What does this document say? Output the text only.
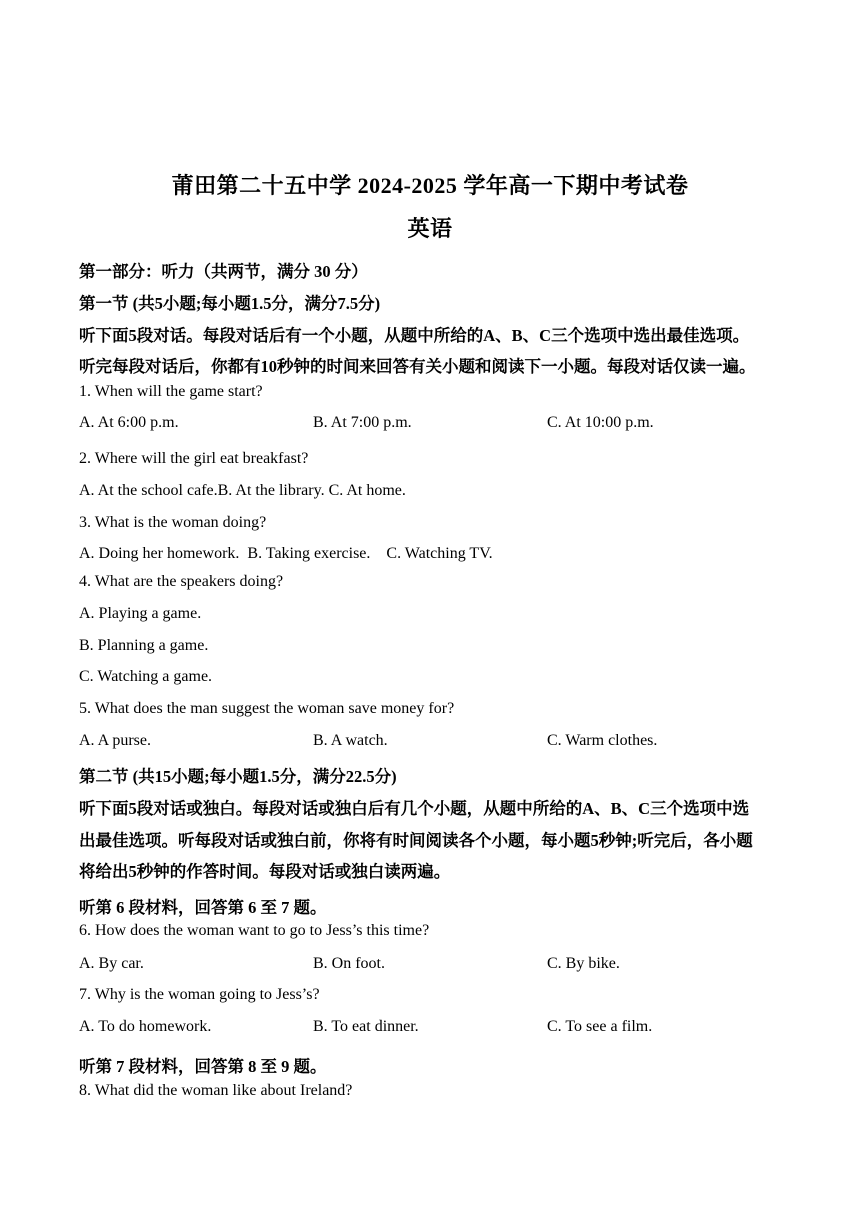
莆田第二十五中学 2024-2025 学年高一下期中考试卷
英语
第一部分：听力（共两节，满分 30 分）
第一节 (共5小题;每小题1.5分，满分7.5分)
听下面5段对话。每段对话后有一个小题，从题中所给的A、B、C三个选项中选出最佳选项。
听完每段对话后，你都有10秒钟的时间来回答有关小题和阅读下一小题。每段对话仅读一遍。
1. When will the game start?
A. At 6:00 p.m.	B. At 7:00 p.m.	C. At 10:00 p.m.
2. Where will the girl eat breakfast?
A. At the school cafe.B. At the library. C. At home.
3. What is the woman doing?
A. Doing her homework.  B. Taking exercise.    C. Watching TV.
4. What are the speakers doing?
A. Playing a game.
B. Planning a game.
C. Watching a game.
5. What does the man suggest the woman save money for?
A. A purse.	B. A watch.	C. Warm clothes.
第二节 (共15小题;每小题1.5分，满分22.5分)
听下面5段对话或独白。每段对话或独白后有几个小题，从题中所给的A、B、C三个选项中选
出最佳选项。听每段对话或独白前，你将有时间阅读各个小题，每小题5秒钟;听完后，各小题
将给出5秒钟的作答时间。每段对话或独白读两遍。
听第 6 段材料，回答第 6 至 7 题。
6. How does the woman want to go to Jess’s this time?
A. By car.	B. On foot.	C. By bike.
7. Why is the woman going to Jess’s?
A. To do homework.	B. To eat dinner.	C. To see a film.
听第 7 段材料，回答第 8 至 9 题。
8. What did the woman like about Ireland?
